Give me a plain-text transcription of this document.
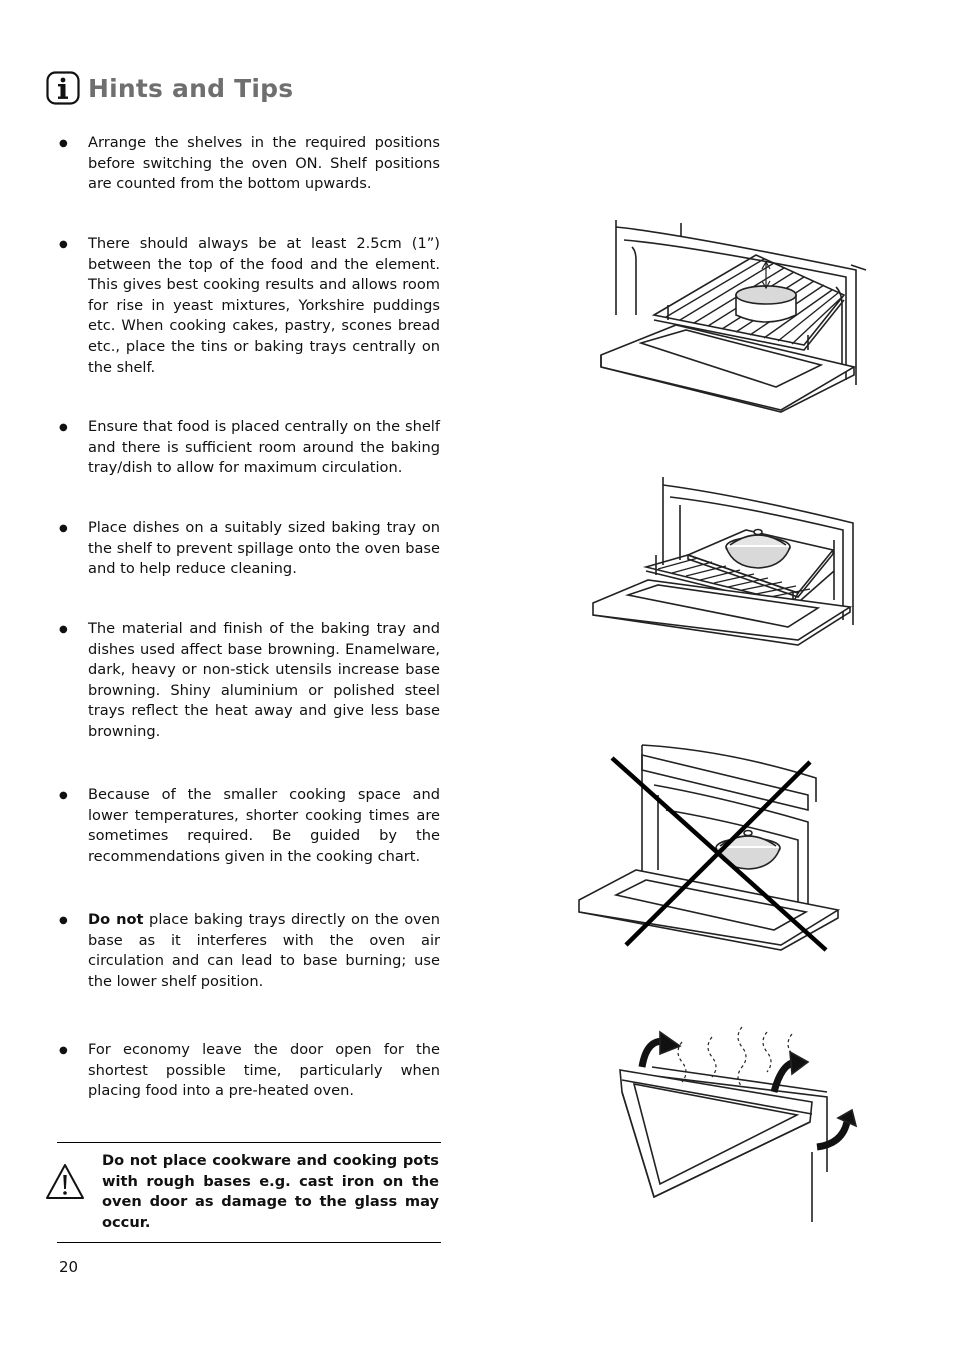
Hints and Tips
●
Arrange the shelves in the required positions before switching the oven ON. Shelf positions are counted from the bottom upwards.
●
There should always be at least 2.5cm (1”) between the top of the food and the element. This gives best cooking results and allows room for rise in yeast mixtures, Yorkshire puddings etc. When cooking cakes, pastry, scones bread etc., place the tins or baking trays centrally on the shelf.
●
Ensure that food is placed centrally on the shelf and there is sufficient room around the baking tray/dish to allow for maximum circulation.
●
Place dishes on a suitably sized baking tray on the shelf to prevent spillage onto the oven base and to help reduce cleaning.
●
The material and finish of the baking tray and dishes used affect base browning. Enamelware, dark, heavy or non-stick utensils increase base browning. Shiny aluminium or polished steel trays reflect the heat away and give less base browning.
●
Because of the smaller cooking space and lower temperatures, shorter cooking times are sometimes required. Be guided by the recommendations given in the cooking chart.
●
Do not place baking trays directly on the oven base as it interferes with the oven air circulation and can lead to base burning; use the lower shelf position.
●
For economy leave the door open for the shortest possible time, particularly when placing food into a pre-heated oven.
Do not place cookware and cooking pots with rough bases e.g. cast iron on the oven door as damage to the glass may occur.
20
